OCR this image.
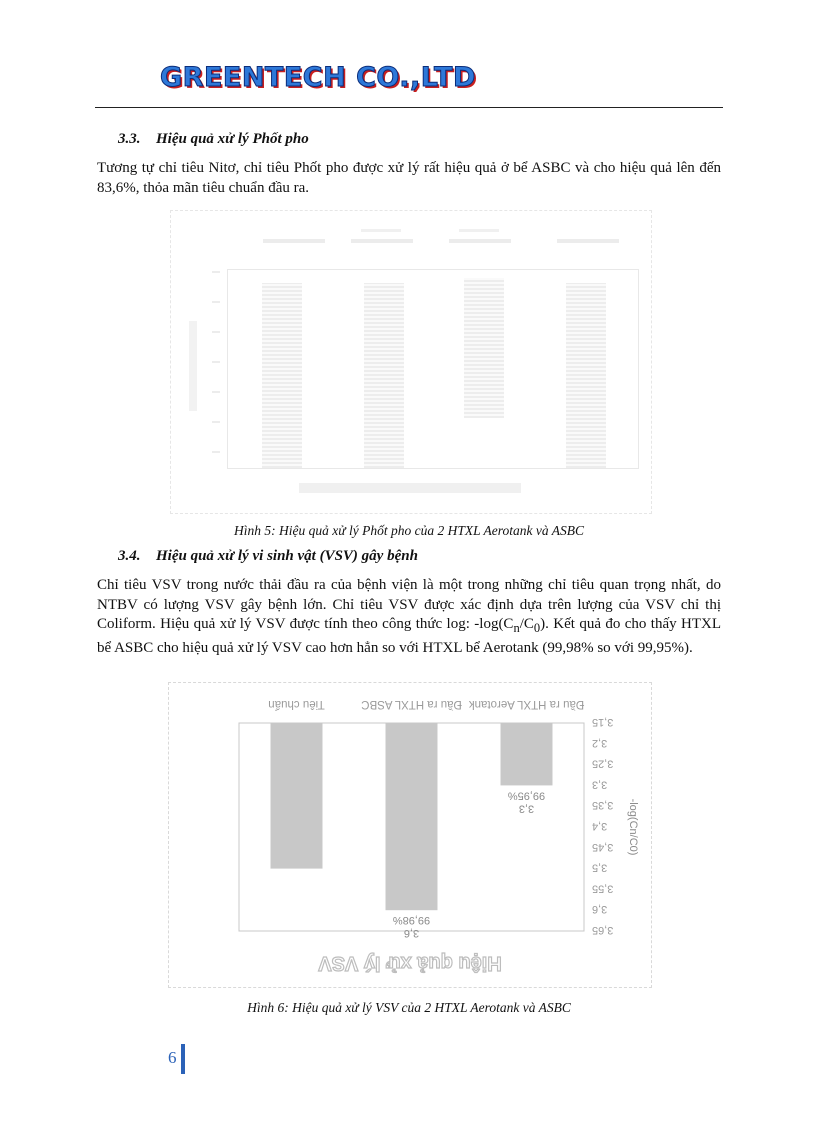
GREENTECH CO.,LTD
3.3. Hiệu quả xử lý Phốt pho
Tương tự chỉ tiêu Nitơ, chỉ tiêu Phốt pho được xử lý rất hiệu quả ở bể ASBC và cho hiệu quả lên đến 83,6%, thỏa mãn tiêu chuẩn đầu ra.
Hình 5: Hiệu quả xử lý Phốt pho của 2 HTXL Aerotank và ASBC
3.4. Hiệu quả xử lý vi sinh vật (VSV) gây bệnh
Chỉ tiêu VSV trong nước thải đầu ra của bệnh viện là một trong những chỉ tiêu quan trọng nhất, do NTBV có lượng VSV gây bệnh lớn. Chỉ tiêu VSV được xác định dựa trên lượng của VSV chỉ thị Coliform. Hiệu quả xử lý VSV được tính theo công thức log: $-\log(C_n/C_0)$. Kết quả đo cho thấy HTXL bể ASBC cho hiệu quả xử lý VSV cao hơn hẳn so với HTXL bể Aerotank (99,98% so với 99,95%).
Hiệu quả xử lý VSV
3,15
3,2
3,25
3,3
3,35
3,4
3,45
3,5
3,55
3,6
3,65
-log(Cn/C0)
3,3
99,95%
Đầu ra HTXL Aerotank
3,6
99,98%
Đầu ra HTXL ASBC
Tiêu chuẩn
Hình 6: Hiệu quả xử lý VSV của 2 HTXL Aerotank và ASBC
6
